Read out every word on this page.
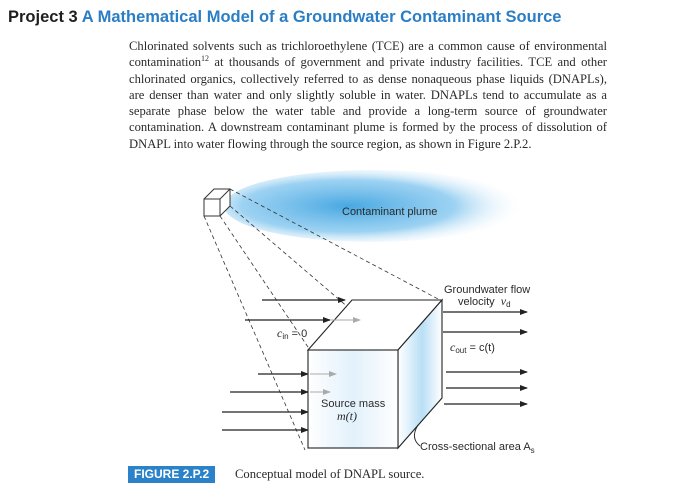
Project 3 A Mathematical Model of a Groundwater Contaminant Source

Chlorinated solvents such as trichloroethylene (TCE) are a common cause of environmental contamination$^{12}$ at thousands of government and private industry facilities. TCE and other chlorinated organics, collectively referred to as dense nonaqueous phase liquids (DNAPLs), are denser than water and only slightly soluble in water. DNAPLs tend to accumulate as a separate phase below the water table and provide a long-term source of groundwater contamination. A downstream contaminant plume is formed by the process of dissolution of DNAPL into water flowing through the source region, as shown in Figure 2.P.2.

Contaminant plume
Groundwater flow
velocity vd
cin = 0
cout = c(t)
Source mass
m(t)
Cross-sectional area As
FIGURE 2.P.2	Conceptual model of DNAPL source.
